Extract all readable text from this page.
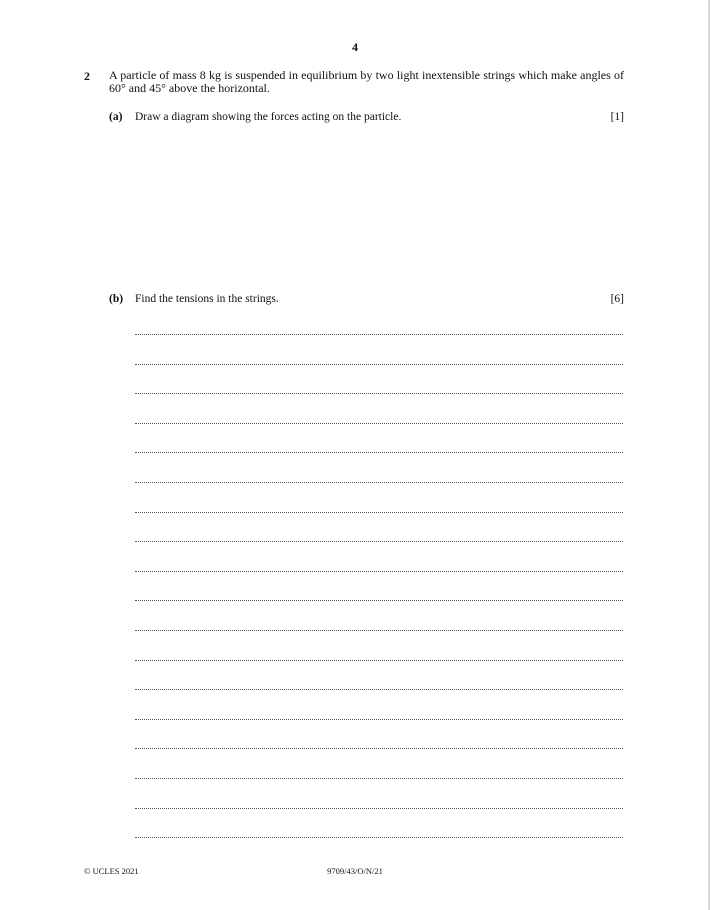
4
2 A particle of mass 8 kg is suspended in equilibrium by two light inextensible strings which make angles of 60° and 45° above the horizontal.
(a) Draw a diagram showing the forces acting on the particle.	[1]
(b) Find the tensions in the strings.	[6]
© UCLES 2021	9709/43/O/N/21
